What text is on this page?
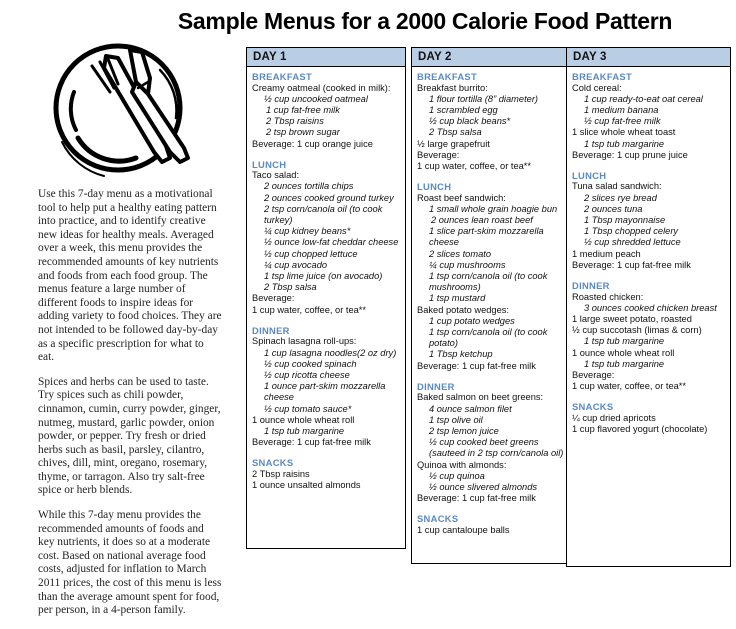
Sample Menus for a 2000 Calorie Food Pattern

Use this 7-day menu as a motivational tool to help put a healthy eating pattern into practice, and to identify creative new ideas for healthy meals. Averaged over a week, this menu provides the recommended amounts of key nutrients and foods from each food group. The menus feature a large number of different foods to inspire ideas for adding variety to food choices. They are not intended to be followed day-by-day as a specific prescription for what to eat.

Spices and herbs can be used to taste. Try spices such as chili powder, cinnamon, cumin, curry powder, ginger, nutmeg, mustard, garlic powder, onion powder, or pepper. Try fresh or dried herbs such as basil, parsley, cilantro, chives, dill, mint, oregano, rosemary, thyme, or tarragon. Also try salt-free spice or herb blends.

While this 7-day menu provides the recommended amounts of foods and key nutrients, it does so at a moderate cost. Based on national average food costs, adjusted for inflation to March 2011 prices, the cost of this menu is less than the average amount spent for food, per person, in a 4-person family.

DAY 1
BREAKFAST
Creamy oatmeal (cooked in milk):
½ cup uncooked oatmeal
1 cup fat-free milk
2 Tbsp raisins
2 tsp brown sugar
Beverage: 1 cup orange juice
LUNCH
Taco salad:
2 ounces tortilla chips
2 ounces cooked ground turkey
2 tsp corn/canola oil (to cook turkey)
¼ cup kidney beans*
½ ounce low-fat cheddar cheese
½ cup chopped lettuce
¼ cup avocado
1 tsp lime juice (on avocado)
2 Tbsp salsa
Beverage:
1 cup water, coffee, or tea**
DINNER
Spinach lasagna roll-ups:
1 cup lasagna noodles(2 oz dry)
½ cup cooked spinach
½ cup ricotta cheese
1 ounce part-skim mozzarella cheese
½ cup tomato sauce*
1 ounce whole wheat roll
1 tsp tub margarine
Beverage: 1 cup fat-free milk
SNACKS
2 Tbsp raisins
1 ounce unsalted almonds
DAY 2
BREAKFAST
Breakfast burrito:
1 flour tortilla (8” diameter)
1 scrambled egg
½ cup black beans*
2 Tbsp salsa
½ large grapefruit
Beverage:
1 cup water, coffee, or tea**
LUNCH
Roast beef sandwich:
1 small whole grain hoagie bun
2 ounces lean roast beef
1 slice part-skim mozzarella cheese
2 slices tomato
¼ cup mushrooms
1 tsp corn/canola oil (to cook mushrooms)
1 tsp mustard
Baked potato wedges:
1 cup potato wedges
1 tsp corn/canola oil (to cook potato)
1 Tbsp ketchup
Beverage: 1 cup fat-free milk
DINNER
Baked salmon on beet greens:
4 ounce salmon filet
1 tsp olive oil
2 tsp lemon juice
½ cup cooked beet greens
(sauteed in 2 tsp corn/canola oil)
Quinoa with almonds:
½ cup quinoa
½ ounce slivered almonds
Beverage: 1 cup fat-free milk
SNACKS
1 cup cantaloupe balls
DAY 3
BREAKFAST
Cold cereal:
1 cup ready-to-eat oat cereal
1 medium banana
½ cup fat-free milk
1 slice whole wheat toast
1 tsp tub margarine
Beverage: 1 cup prune juice
LUNCH
Tuna salad sandwich:
2 slices rye bread
2 ounces tuna
1 Tbsp mayonnaise
1 Tbsp chopped celery
½ cup shredded lettuce
1 medium peach
Beverage: 1 cup fat-free milk
DINNER
Roasted chicken:
3 ounces cooked chicken breast
1 large sweet potato, roasted
½ cup succotash (limas & corn)
1 tsp tub margarine
1 ounce whole wheat roll
1 tsp tub margarine
Beverage:
1 cup water, coffee, or tea**
SNACKS
¼ cup dried apricots
1 cup flavored yogurt (chocolate)
